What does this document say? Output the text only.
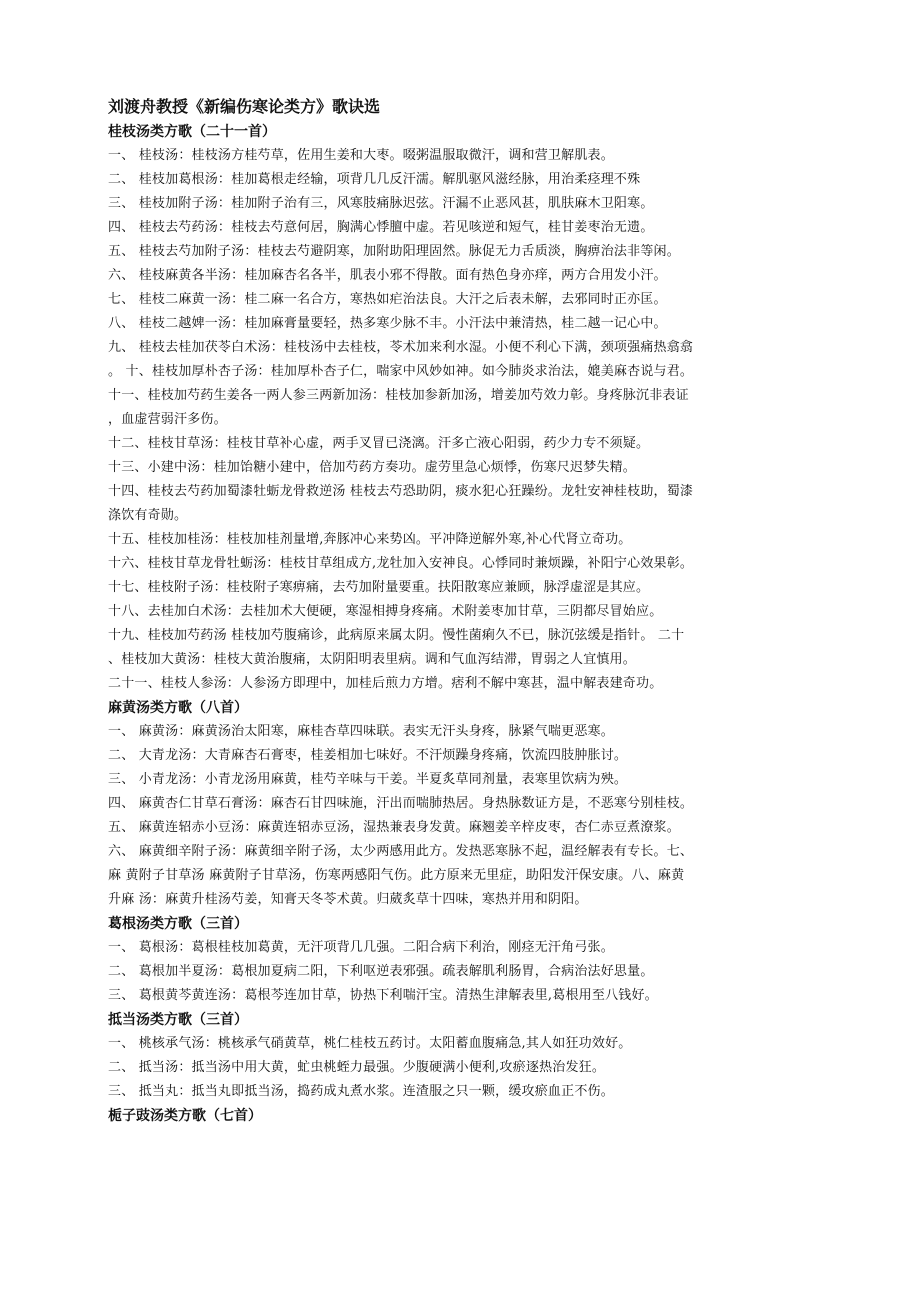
刘渡舟教授《新编伤寒论类方》歌诀选
桂枝汤类方歌（二十一首）
一、 桂枝汤：桂枝汤方桂芍草，佐用生姜和大枣。啜粥温服取微汗，调和营卫解肌表。
二、 桂枝加葛根汤：桂加葛根走经输，项背几几反汗濡。解肌驱风滋经脉，用治柔痉理不殊
三、 桂枝加附子汤：桂加附子治有三，风寒肢痛脉迟弦。汗漏不止恶风甚，肌肤麻木卫阳寒。
四、 桂枝去芍药汤：桂枝去芍意何居，胸满心悸膻中虚。若见咳逆和短气，桂甘姜枣治无遗。
五、 桂枝去芍加附子汤：桂枝去芍避阴寒，加附助阳理固然。脉促无力舌质淡，胸痹治法非等闲。
六、 桂枝麻黄各半汤：桂加麻杏名各半，肌表小邪不得散。面有热色身亦痒，两方合用发小汗。
七、 桂枝二麻黄一汤：桂二麻一名合方，寒热如疟治法良。大汗之后表未解，去邪同时正亦匡。
八、 桂枝二越婢一汤：桂加麻膏量要轻，热多寒少脉不丰。小汗法中兼清热，桂二越一记心中。
九、 桂枝去桂加茯苓白术汤：桂枝汤中去桂枝，苓术加来利水湿。小便不利心下满，颈项强痛热翕翕
。 十、桂枝加厚朴杏子汤：桂加厚朴杏子仁，喘家中风妙如神。如今肺炎求治法，媲美麻杏说与君。
十一、桂枝加芍药生姜各一两人参三两新加汤：桂枝加参新加汤，增姜加芍效力彰。身疼脉沉非表证
，血虚营弱汗多伤。
十二、桂枝甘草汤：桂枝甘草补心虚，两手叉冒已浇漓。汗多亡液心阳弱，药少力专不须疑。
十三、小建中汤：桂加饴糖小建中，倍加芍药方奏功。虚劳里急心烦悸，伤寒尺迟梦失精。
十四、桂枝去芍药加蜀漆牡蛎龙骨救逆汤 桂枝去芍恐助阴，痰水犯心狂躁纷。龙牡安神桂枝助，蜀漆
涤饮有奇勋。
十五、桂枝加桂汤：桂枝加桂剂量增,奔豚冲心来势凶。平冲降逆解外寒,补心代肾立奇功。
十六、桂枝甘草龙骨牡蛎汤：桂枝甘草组成方,龙牡加入安神良。心悸同时兼烦躁，补阳宁心效果彰。
十七、桂枝附子汤：桂枝附子寒痹痛，去芍加附量要重。扶阳散寒应兼顾，脉浮虚涩是其应。
十八、去桂加白术汤：去桂加术大便硬，寒湿相搏身疼痛。术附姜枣加甘草，三阴都尽冒始应。
十九、桂枝加芍药汤 桂枝加芍腹痛诊，此病原来属太阴。慢性菌痢久不已，脉沉弦缓是指针。 二十
、桂枝加大黄汤：桂枝大黄治腹痛，太阴阳明表里病。调和气血泻结滞，胃弱之人宜慎用。
二十一、桂枝人参汤：人参汤方即理中，加桂后煎力方增。痞利不解中寒甚，温中解表建奇功。
麻黄汤类方歌（八首）
一、 麻黄汤：麻黄汤治太阳寒，麻桂杏草四味联。表实无汗头身疼，脉紧气喘更恶寒。
二、 大青龙汤：大青麻杏石膏枣，桂姜相加七味好。不汗烦躁身疼痛，饮流四肢肿胀讨。
三、 小青龙汤：小青龙汤用麻黄，桂芍辛味与干姜。半夏炙草同剂量，表寒里饮病为殃。
四、 麻黄杏仁甘草石膏汤：麻杏石甘四味施，汗出而喘肺热居。身热脉数证方是，不恶寒兮别桂枝。
五、 麻黄连轺赤小豆汤：麻黄连轺赤豆汤，湿热兼表身发黄。麻翘姜辛梓皮枣，杏仁赤豆煮潦浆。
六、 麻黄细辛附子汤：麻黄细辛附子汤，太少两感用此方。发热恶寒脉不起，温经解表有专长。七、
麻 黄附子甘草汤 麻黄附子甘草汤，伤寒两感阳气伤。此方原来无里症，助阳发汗保安康。八、麻黄
升麻 汤：麻黄升桂汤芍姜，知膏天冬苓术黄。归葳炙草十四味，寒热并用和阴阳。
葛根汤类方歌（三首）
一、 葛根汤：葛根桂枝加葛黄，无汗项背几几强。二阳合病下利治，刚痉无汗角弓张。
二、 葛根加半夏汤：葛根加夏病二阳，下利呕逆表邪强。疏表解肌利肠胃，合病治法好思量。
三、 葛根黄芩黄连汤：葛根芩连加甘草，协热下利喘汗宝。清热生津解表里,葛根用至八钱好。
抵当汤类方歌（三首）
一、 桃核承气汤：桃核承气硝黄草，桃仁桂枝五药讨。太阳蓄血腹痛急,其人如狂功效好。
二、 抵当汤：抵当汤中用大黄，虻虫桃蛭力最强。少腹硬满小便利,攻瘀逐热治发狂。
三、 抵当丸：抵当丸即抵当汤，捣药成丸煮水浆。连渣服之只一颗，缓攻瘀血正不伤。
栀子豉汤类方歌（七首）
